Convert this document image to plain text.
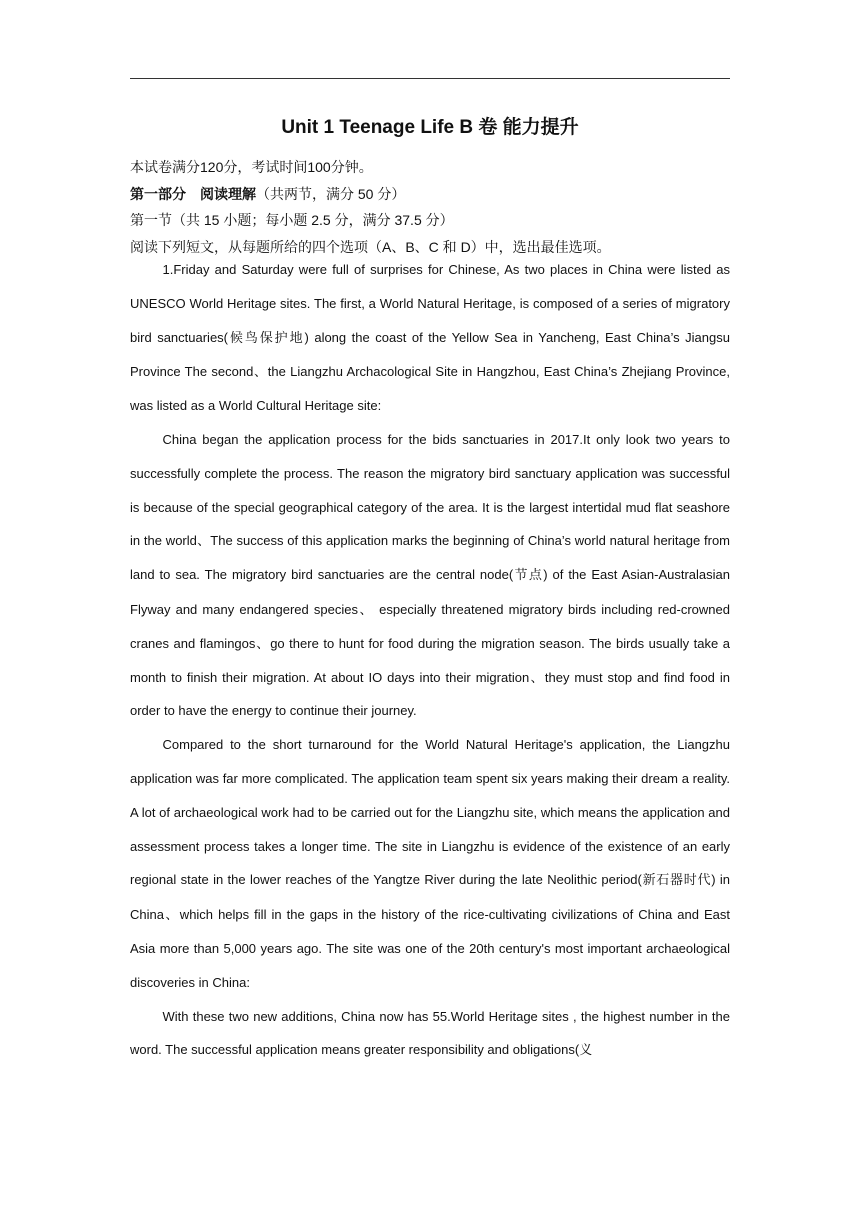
Unit 1 Teenage Life B 卷 能力提升
本试卷满分120分，考试时间100分钟。
第一部分　阅读理解（共两节，满分 50 分）
第一节（共 15 小题；每小题 2.5 分，满分 37.5 分）
阅读下列短文，从每题所给的四个选项（A、B、C 和 D）中，选出最佳选项。

1.Friday and Saturday were full of surprises for Chinese, As two places in China were listed as UNESCO World Heritage sites. The first, a World Natural Heritage, is composed of a series of migratory bird sanctuaries(候鸟保护地) along the coast of the Yellow Sea in Yancheng, East China’s Jiangsu Province The second、the Liangzhu Archacological Site in Hangzhou, East China’s Zhejiang Province, was listed as a World Cultural Heritage site:

China began the application process for the bids sanctuaries in 2017.It only look two years to successfully complete the process. The reason the migratory bird sanctuary application was successful is because of the special geographical category of the area. It is the largest intertidal mud flat seashore in the world、The success of this application marks the beginning of China’s world natural heritage from land to sea. The migratory bird sanctuaries are the central node(节点) of the East Asian-Australasian Flyway and many endangered species、 especially threatened migratory birds including red-crowned cranes and flamingos、go there to hunt for food during the migration season. The birds usually take a month to finish their migration. At about IO days into their migration、they must stop and find food in order to have the energy to continue their journey.

Compared to the short turnaround for the World Natural Heritage's application, the Liangzhu application was far more complicated. The application team spent six years making their dream a reality. A lot of archaeological work had to be carried out for the Liangzhu site, which means the application and assessment process takes a longer time. The site in Liangzhu is evidence of the existence of an early regional state in the lower reaches of the Yangtze River during the late Neolithic period(新石器时代) in China、which helps fill in the gaps in the history of the rice-cultivating civilizations of China and East Asia more than 5,000 years ago. The site was one of the 20th century's most important archaeological discoveries in China:

With these two new additions, China now has 55.World Heritage sites , the highest number in the word. The successful application means greater responsibility and obligations(义
